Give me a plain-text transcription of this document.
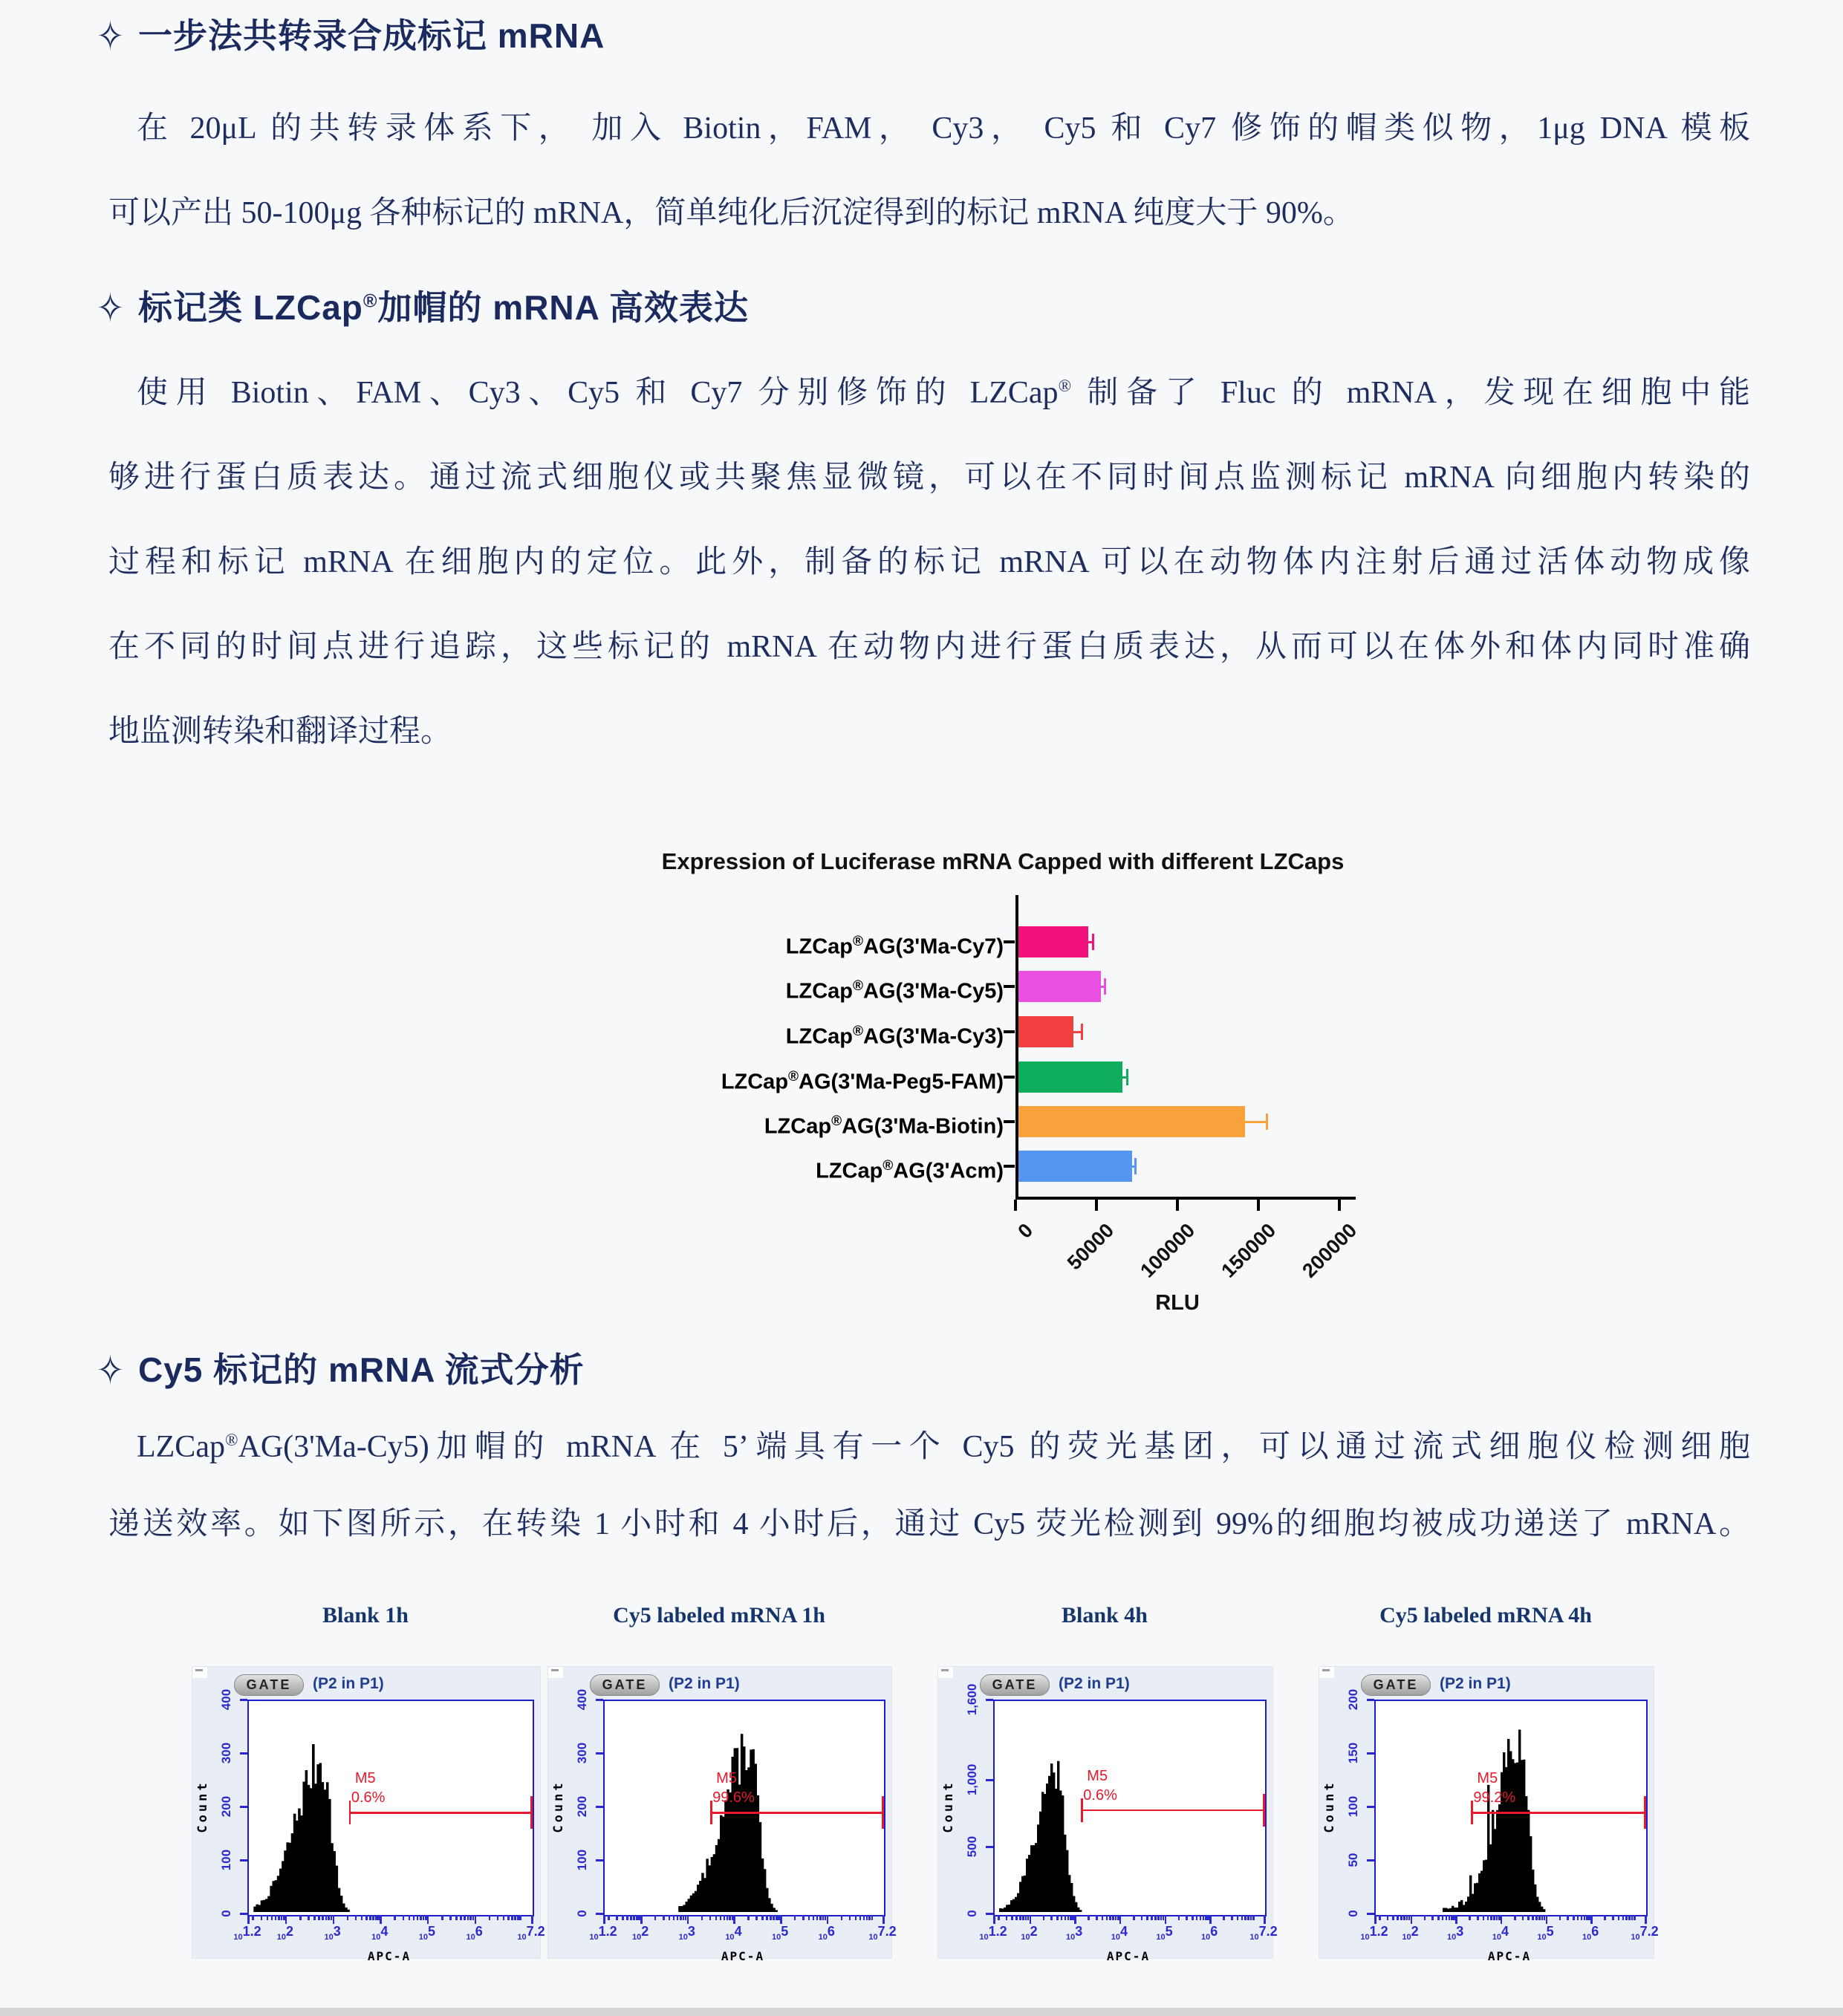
✧ 一步法共转录合成标记 mRNA
在 20μL 的共转录体系下， 加入 Biotin，FAM， Cy3， Cy5 和 Cy7 修饰的帽类似物，1μg DNA 模板
可以产出 50-100μg 各种标记的 mRNA，简单纯化后沉淀得到的标记 mRNA 纯度大于 90%。
✧ 标记类 LZCap®加帽的 mRNA 高效表达
使用 Biotin、FAM、Cy3、Cy5 和 Cy7 分别修饰的 LZCap® 制备了 Fluc 的 mRNA，发现在细胞中能
够进行蛋白质表达。通过流式细胞仪或共聚焦显微镜，可以在不同时间点监测标记 mRNA 向细胞内转染的
过程和标记 mRNA 在细胞内的定位。此外，制备的标记 mRNA 可以在动物体内注射后通过活体动物成像
在不同的时间点进行追踪，这些标记的 mRNA 在动物内进行蛋白质表达，从而可以在体外和体内同时准确
地监测转染和翻译过程。
Expression of Luciferase mRNA Capped with different LZCaps
LZCap®AG(3'Ma-Cy7)
LZCap®AG(3'Ma-Cy5)
LZCap®AG(3'Ma-Cy3)
LZCap®AG(3'Ma-Peg5-FAM)
LZCap®AG(3'Ma-Biotin)
LZCap®AG(3'Acm)
0	50000 100000 150000 200000
RLU
✧ Cy5 标记的 mRNA 流式分析
LZCap®AG(3'Ma-Cy5)加帽的 mRNA 在 5’端具有一个 Cy5 的荧光基团，可以通过流式细胞仪检测细胞
递送效率。如下图所示，在转染 1 小时和 4 小时后，通过 Cy5 荧光检测到 99%的细胞均被成功递送了 mRNA。
Blank 1h
GATE	(P2 in P1)
400
300
200
100
0
Count
101.2	102	103	104	105	106	107.2
APC-A
M5
0.6%
Cy5 labeled mRNA 1h
GATE	(P2 in P1)
400
300
200
100
0
Count
101.2	102	103	104	105	106	107.2
APC-A
M5
99.6%
Blank 4h
GATE	(P2 in P1)
1,600
1,000
500
0
Count
101.2	102	103	104	105	106	107.2
APC-A
M5
0.6%
Cy5 labeled mRNA 4h
GATE	(P2 in P1)
200
150
100
50
0
Count
101.2	102	103	104	105	106	107.2
APC-A
M5
99.2%
